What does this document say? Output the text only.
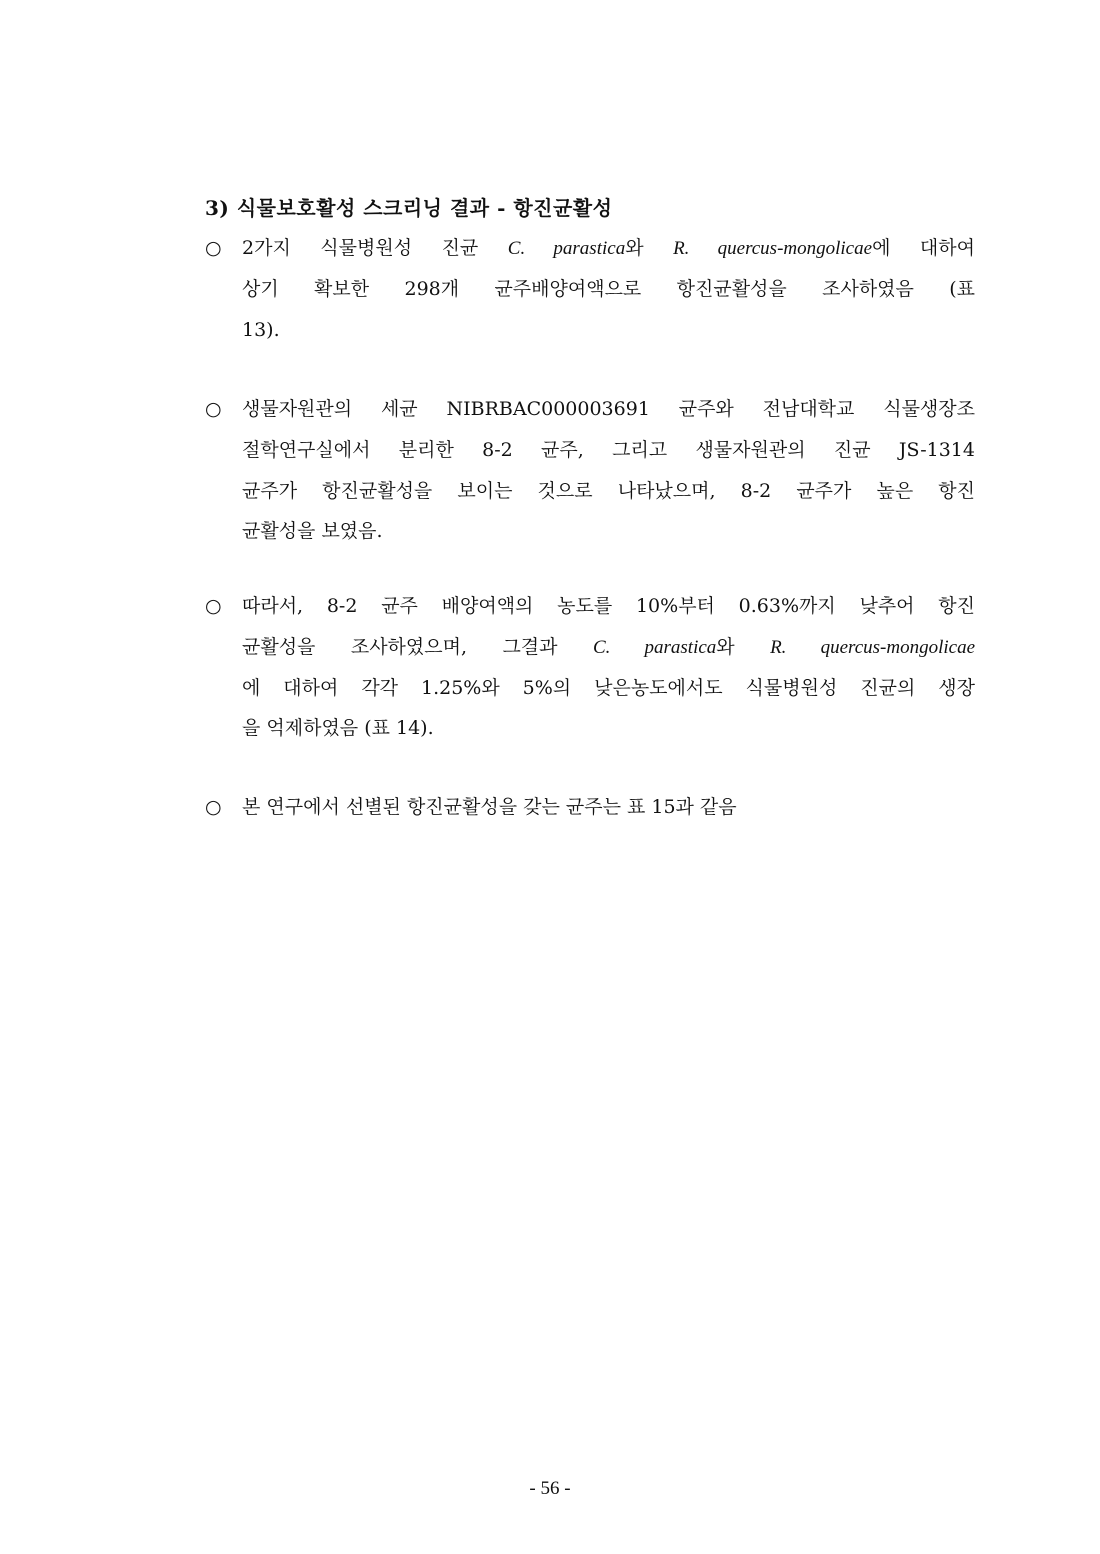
3) 식물보호활성 스크리닝 결과 - 항진균활성
○ 2가지 식물병원성 진균 C. parastica와 R. quercus-mongolicae에 대하여
상기 확보한 298개 균주배양여액으로 항진균활성을 조사하였음 (표
13).
○ 생물자원관의 세균 NIBRBAC000003691 균주와 전남대학교 식물생장조
절학연구실에서 분리한 8-2 균주, 그리고 생물자원관의 진균 JS-1314
균주가 항진균활성을 보이는 것으로 나타났으며, 8-2 균주가 높은 항진
균활성을 보였음.
○ 따라서, 8-2 균주 배양여액의 농도를 10%부터 0.63%까지 낮추어 항진
균활성을 조사하였으며, 그결과 C. parastica와 R. quercus-mongolicae
에 대하여 각각 1.25%와 5%의 낮은농도에서도 식물병원성 진균의 생장
을 억제하였음 (표 14).
○ 본 연구에서 선별된 항진균활성을 갖는 균주는 표 15과 같음
- 56 -
